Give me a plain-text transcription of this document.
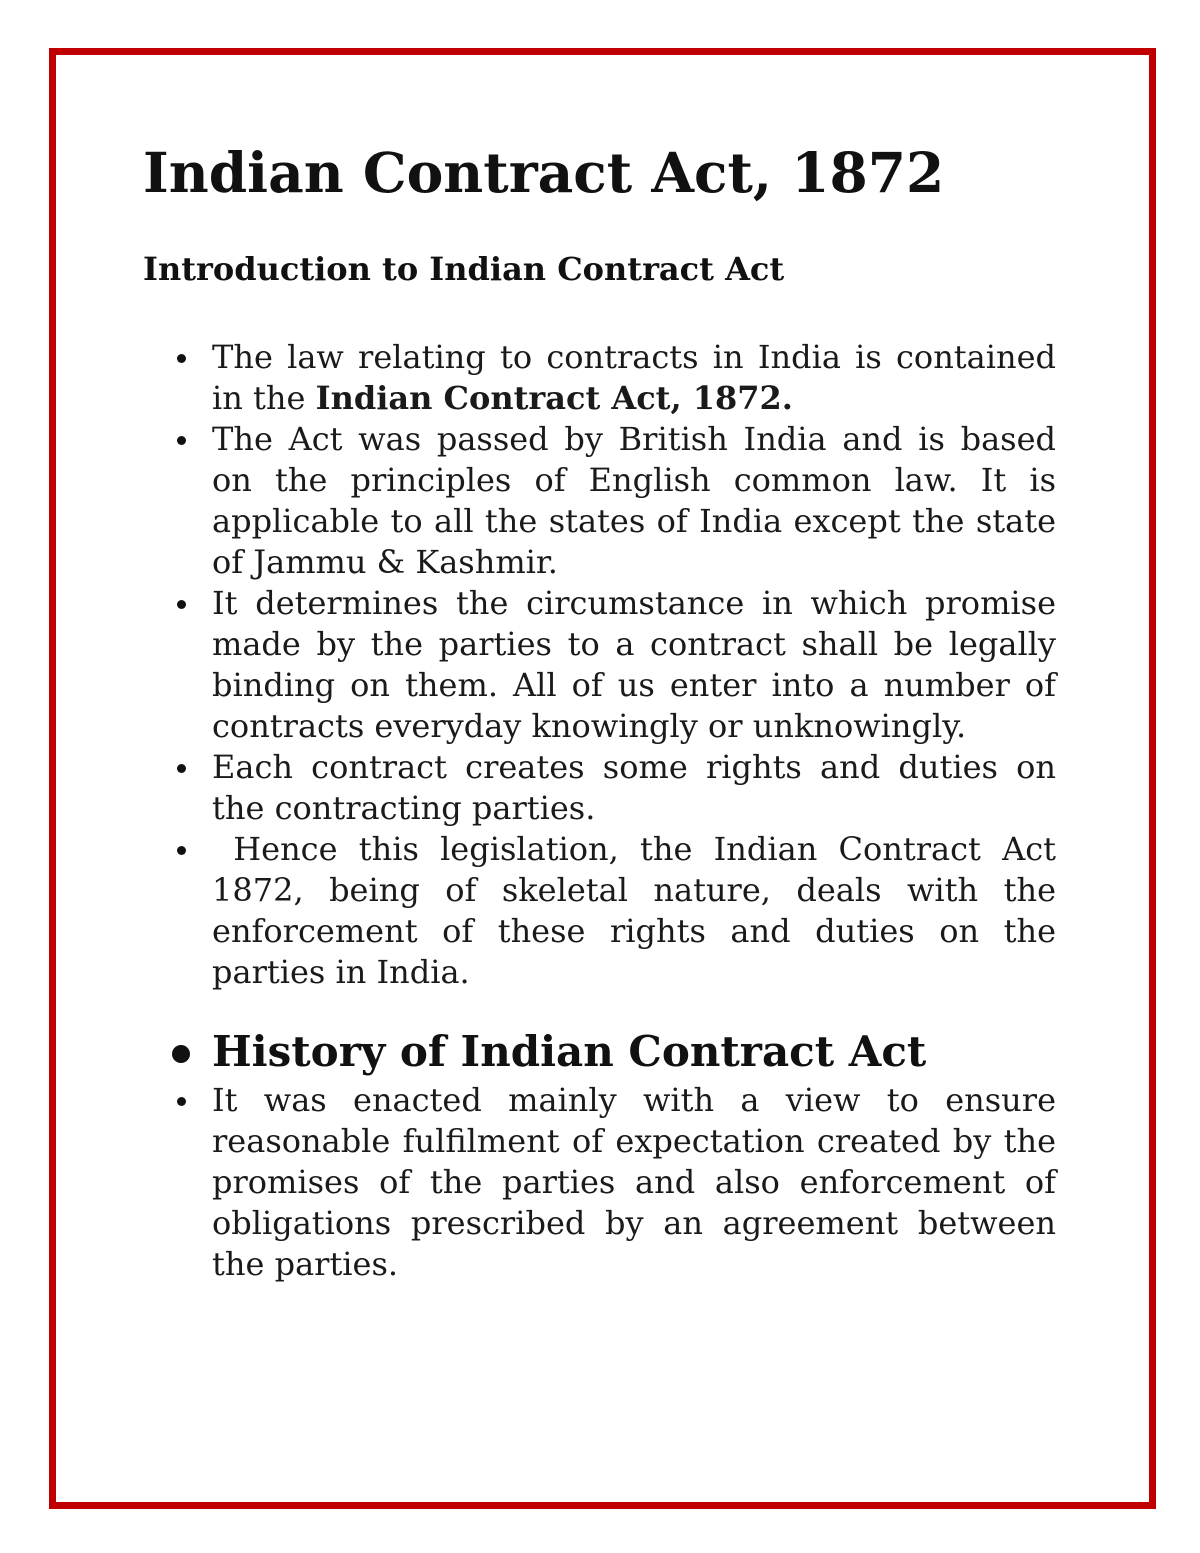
Indian Contract Act, 1872
Introduction to Indian Contract Act
The law relating to contracts in India is contained in the Indian Contract Act, 1872.
The Act was passed by British India and is based on the principles of English common law. It is applicable to all the states of India except the state of Jammu & Kashmir.
It determines the circumstance in which promise made by the parties to a contract shall be legally binding on them. All of us enter into a number of contracts everyday knowingly or unknowingly.
Each contract creates some rights and duties on the contracting parties.
Hence this legislation, the Indian Contract Act 1872, being of skeletal nature, deals with the enforcement of these rights and duties on the parties in India.
History of Indian Contract Act
It was enacted mainly with a view to ensure reasonable fulfilment of expectation created by the promises of the parties and also enforcement of obligations prescribed by an agreement between the parties.
